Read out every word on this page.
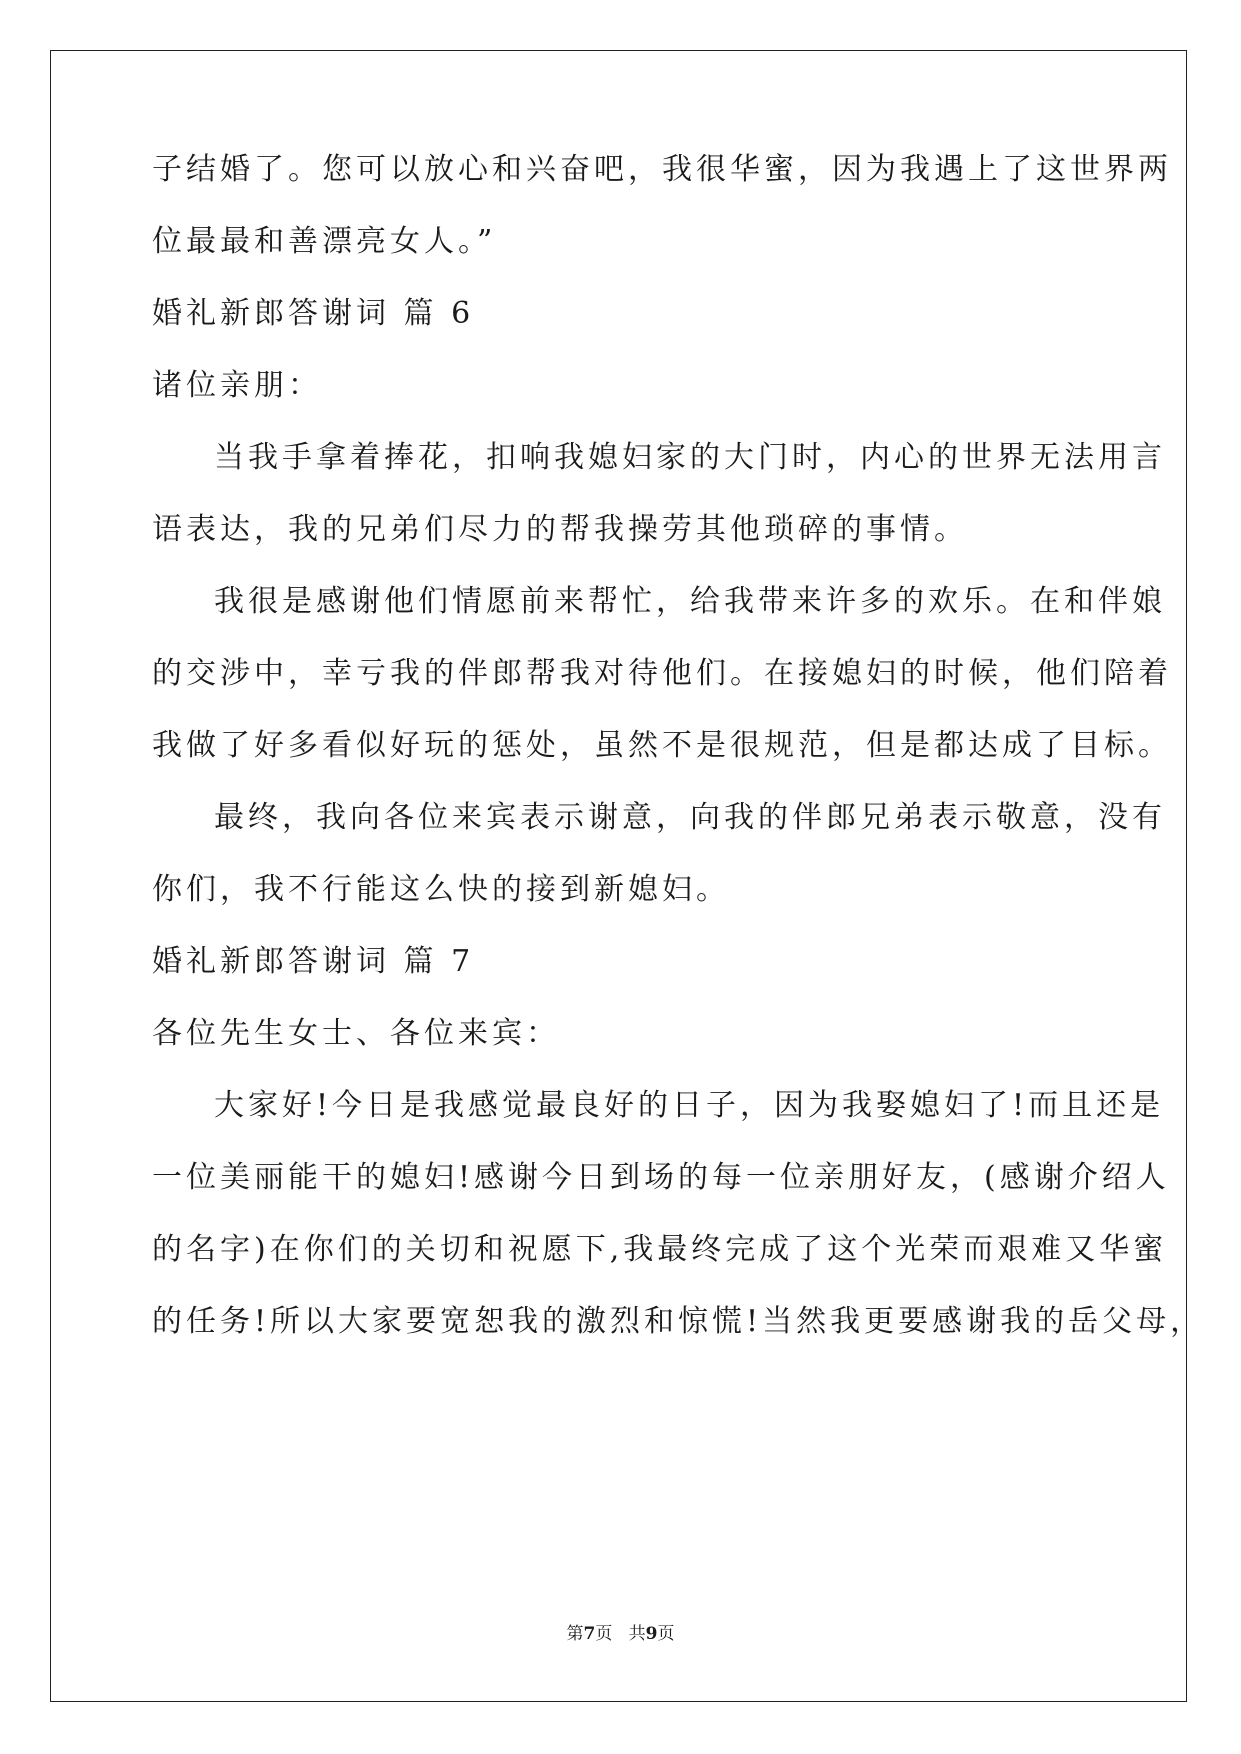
子结婚了。您可以放心和兴奋吧，我很华蜜，因为我遇上了这世界两
位最最和善漂亮女人。”
婚礼新郎答谢词 篇 6
诸位亲朋：
当我手拿着捧花，扣响我媳妇家的大门时，内心的世界无法用言
语表达，我的兄弟们尽力的帮我操劳其他琐碎的事情。
我很是感谢他们情愿前来帮忙，给我带来许多的欢乐。在和伴娘
的交涉中，幸亏我的伴郎帮我对待他们。在接媳妇的时候，他们陪着
我做了好多看似好玩的惩处，虽然不是很规范，但是都达成了目标。
最终，我向各位来宾表示谢意，向我的伴郎兄弟表示敬意，没有
你们，我不行能这么快的接到新媳妇。
婚礼新郎答谢词 篇 7
各位先生女士、各位来宾：
大家好!今日是我感觉最良好的日子，因为我娶媳妇了!而且还是
一位美丽能干的媳妇!感谢今日到场的每一位亲朋好友，(感谢介绍人
的名字)在你们的关切和祝愿下,我最终完成了这个光荣而艰难又华蜜
的任务!所以大家要宽恕我的激烈和惊慌!当然我更要感谢我的岳父母，
第7页   共9页
